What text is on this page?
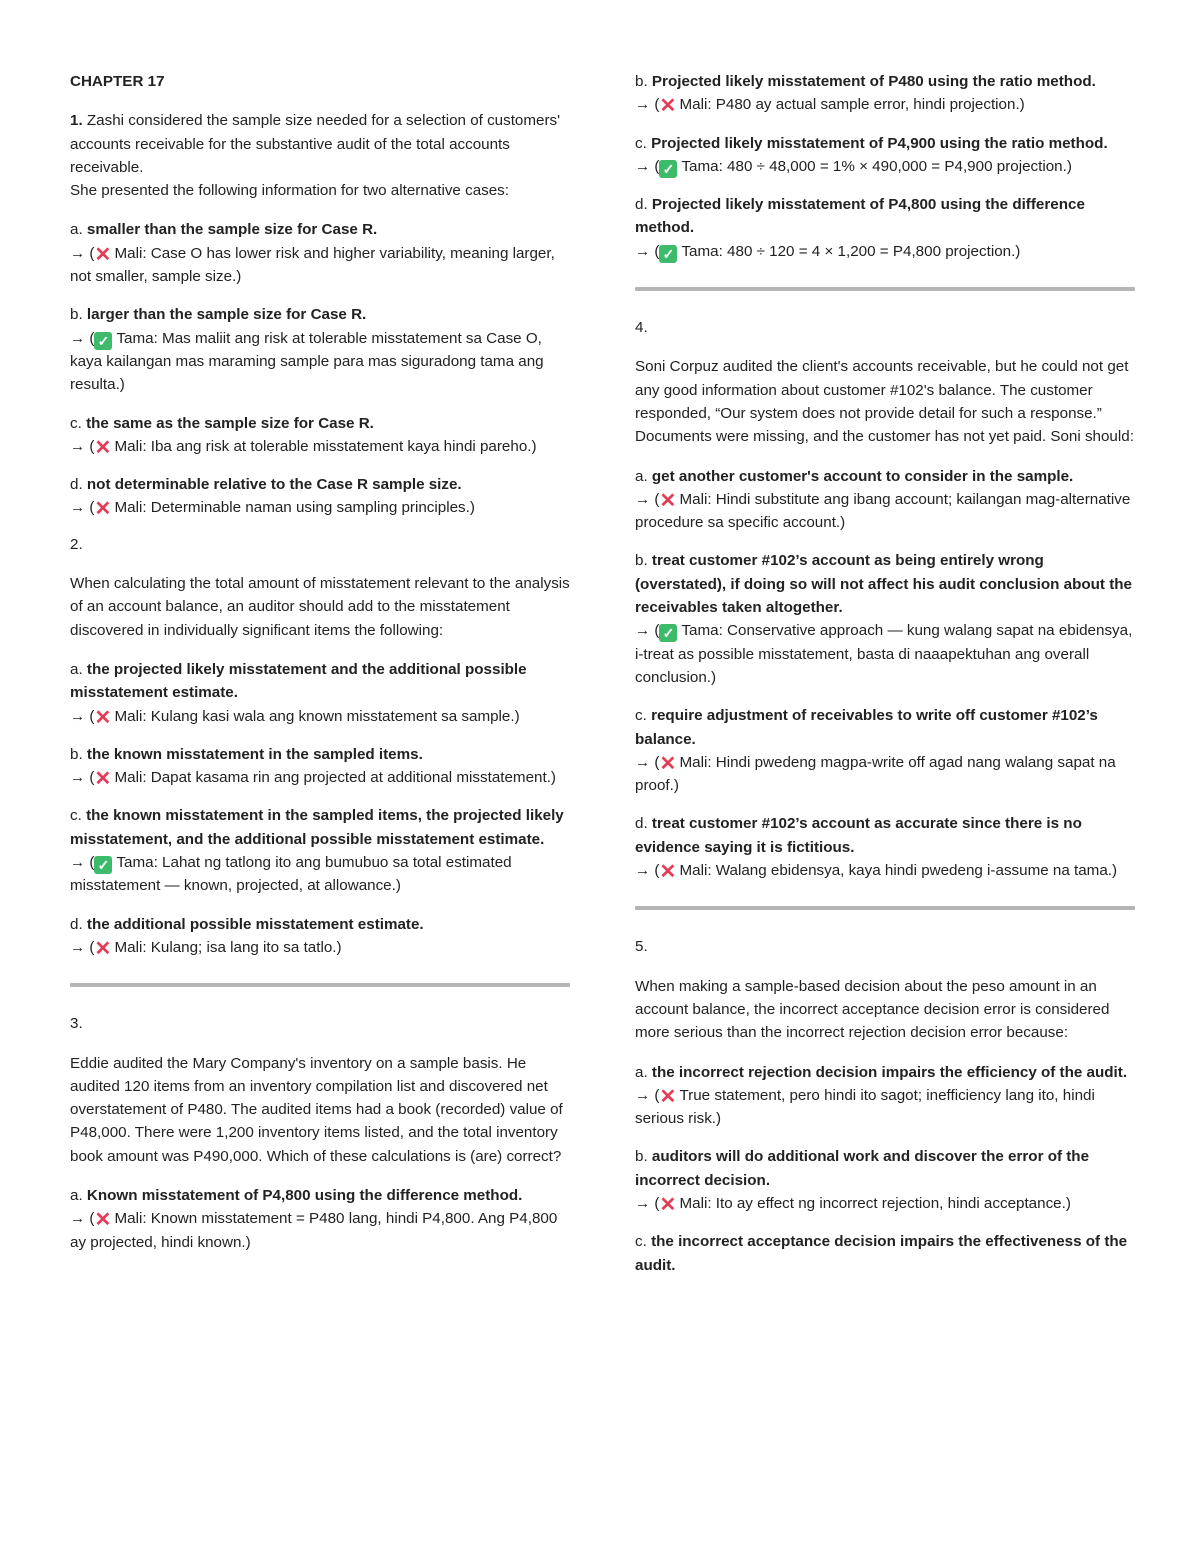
CHAPTER 17

1. Zashi considered the sample size needed for a selection of customers' accounts receivable for the substantive audit of the total accounts receivable.

She presented the following information for two alternative cases:

a. smaller than the sample size for Case R.

→ (✕ Mali: Case O has lower risk and higher variability, meaning larger, not smaller, sample size.)

b. larger than the sample size for Case R.

→ ( ✓ Tama: Mas maliit ang risk at tolerable misstatement sa Case O, kaya kailangan mas maraming sample para mas siguradong tama ang resulta.)

c. the same as the sample size for Case R.

→ (✕ Mali: Iba ang risk at tolerable misstatement kaya hindi pareho.)

d. not determinable relative to the Case R sample size.

→ (✕ Mali: Determinable naman using sampling principles.)

2.

When calculating the total amount of misstatement relevant to the analysis of an account balance, an auditor should add to the misstatement discovered in individually significant items the following:

a. the projected likely misstatement and the additional possible misstatement estimate.

→ (✕ Mali: Kulang kasi wala ang known misstatement sa sample.)

b. the known misstatement in the sampled items.

→ (✕ Mali: Dapat kasama rin ang projected at additional misstatement.)

c. the known misstatement in the sampled items, the projected likely misstatement, and the additional possible misstatement estimate.

→ ( ✓ Tama: Lahat ng tatlong ito ang bumubuo sa total estimated misstatement — known, projected, at allowance.)

d. the additional possible misstatement estimate.

→ (✕ Mali: Kulang; isa lang ito sa tatlo.)

3.

Eddie audited the Mary Company's inventory on a sample basis. He audited 120 items from an inventory compilation list and discovered net overstatement of P480. The audited items had a book (recorded) value of P48,000. There were 1,200 inventory items listed, and the total inventory book amount was P490,000. Which of these calculations is (are) correct?

a. Known misstatement of P4,800 using the difference method.

→ (✕ Mali: Known misstatement = P480 lang, hindi P4,800. Ang P4,800 ay projected, hindi known.)

b. Projected likely misstatement of P480 using the ratio method.

→ (✕ Mali: P480 ay actual sample error, hindi projection.)

c. Projected likely misstatement of P4,900 using the ratio method.

→ ( ✓ Tama: 480 ÷ 48,000 = 1% × 490,000 = P4,900 projection.)

d. Projected likely misstatement of P4,800 using the difference method.

→ ( ✓ Tama: 480 ÷ 120 = 4 × 1,200 = P4,800 projection.)

4.

Soni Corpuz audited the client's accounts receivable, but he could not get any good information about customer #102's balance. The customer responded, “Our system does not provide detail for such a response.” Documents were missing, and the customer has not yet paid. Soni should:

a. get another customer's account to consider in the sample.

→ (✕ Mali: Hindi substitute ang ibang account; kailangan mag-alternative procedure sa specific account.)

b. treat customer #102’s account as being entirely wrong (overstated), if doing so will not affect his audit conclusion about the receivables taken altogether.

→ ( ✓ Tama: Conservative approach — kung walang sapat na ebidensya, i-treat as possible misstatement, basta di naaapektuhan ang overall conclusion.)

c. require adjustment of receivables to write off customer #102’s balance.

→ (✕ Mali: Hindi pwedeng magpa-write off agad nang walang sapat na proof.)

d. treat customer #102’s account as accurate since there is no evidence saying it is fictitious.

→ (✕ Mali: Walang ebidensya, kaya hindi pwedeng i-assume na tama.)

5.

When making a sample-based decision about the peso amount in an account balance, the incorrect acceptance decision error is considered more serious than the incorrect rejection decision error because:

a. the incorrect rejection decision impairs the efficiency of the audit.

→ (✕ True statement, pero hindi ito sagot; inefficiency lang ito, hindi serious risk.)

b. auditors will do additional work and discover the error of the incorrect decision.

→ (✕ Mali: Ito ay effect ng incorrect rejection, hindi acceptance.)

c. the incorrect acceptance decision impairs the effectiveness of the audit.
